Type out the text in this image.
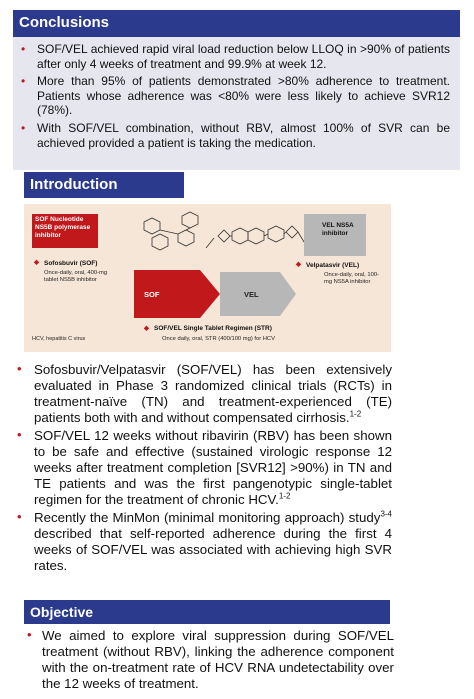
Conclusions
• SOF/VEL achieved rapid viral load reduction below LLOQ in >90% of patients after only 4 weeks of treatment and 99.9% at week 12.
• More than 95% of patients demonstrated >80% adherence to treatment. Patients whose adherence was <80% were less likely to achieve SVR12 (78%).
• With SOF/VEL combination, without RBV, almost 100% of SVR can be achieved provided a patient is taking the medication.
Introduction
SOF Nucleotide NS5B polymerase inhibitor
VEL NS5A inhibitor
◆ Sofosbuvir (SOF)
Once-daily, oral, 400-mg tablet NS5B inhibitor
◆ Velpatasvir (VEL)
Once-daily, oral, 100-mg NS5A inhibitor
SOF	VEL
◆ SOF/VEL Single Tablet Regimen (STR)
Once daily, oral, STR (400/100 mg) for HCV
HCV, hepatitis C virus
• Sofosbuvir/Velpatasvir (SOF/VEL) has been extensively evaluated in Phase 3 randomized clinical trials (RCTs) in treatment-naïve (TN) and treatment-experienced (TE) patients both with and without compensated cirrhosis.$^{1-2}$
• SOF/VEL 12 weeks without ribavirin (RBV) has been shown to be safe and effective (sustained virologic response 12 weeks after treatment completion [SVR12] >90%) in TN and TE patients and was the first pangenotypic single-tablet regimen for the treatment of chronic HCV.$^{1-2}$
• Recently the MinMon (minimal monitoring approach) study$^{3-4}$ described that self-reported adherence during the first 4 weeks of SOF/VEL was associated with achieving high SVR rates.
Objective
• We aimed to explore viral suppression during SOF/VEL treatment (without RBV), linking the adherence component with the on-treatment rate of HCV RNA undetectability over the 12 weeks of treatment.
